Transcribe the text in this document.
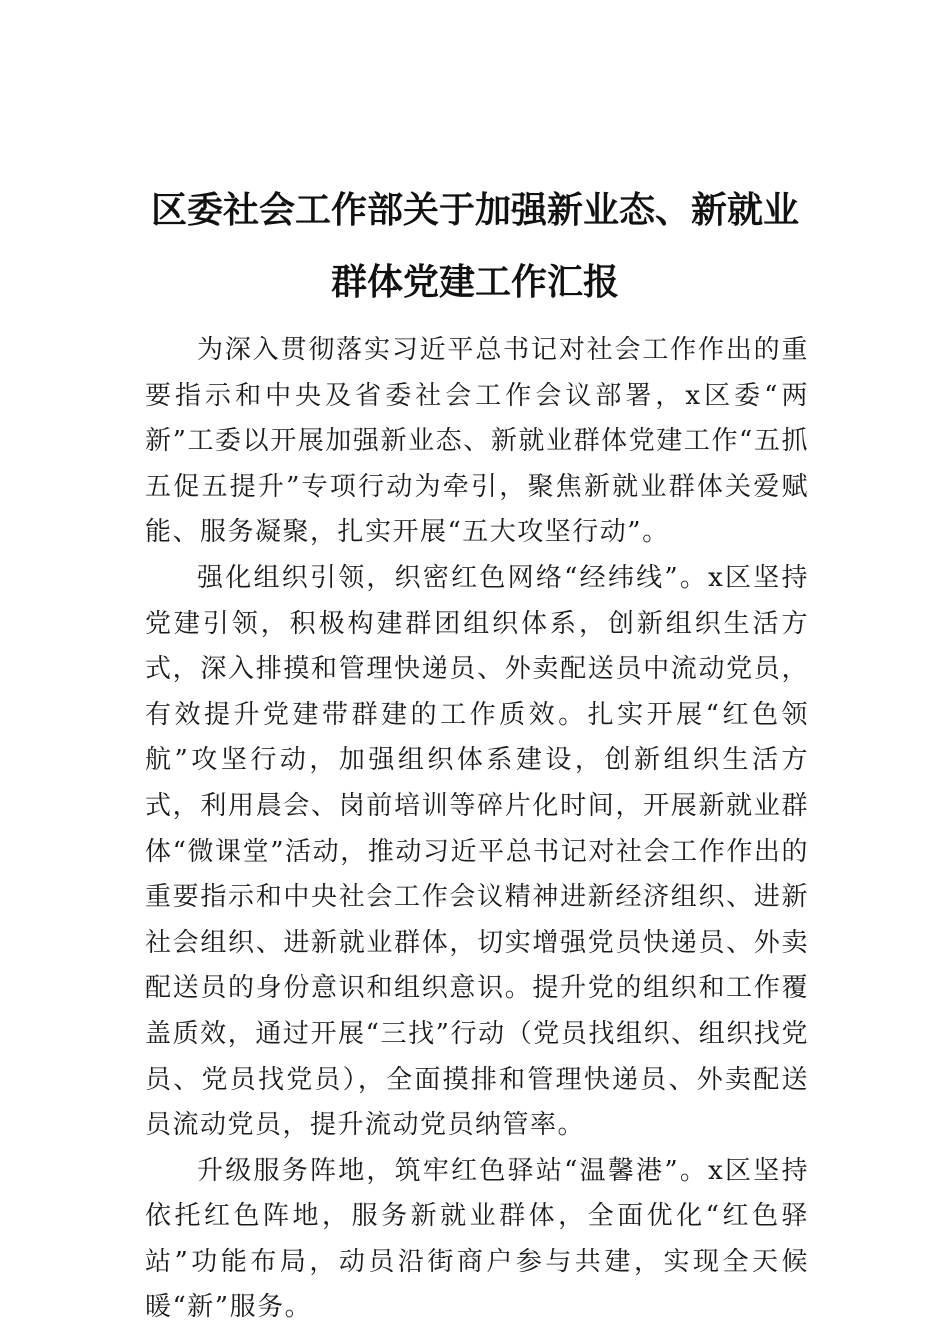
区委社会工作部关于加强新业态、新就业
群体党建工作汇报

为深入贯彻落实习近平总书记对社会工作作出的重要指示和中央及省委社会工作会议部署，x区委“两新”工委以开展加强新业态、新就业群体党建工作“五抓五促五提升”专项行动为牵引，聚焦新就业群体关爱赋能、服务凝聚，扎实开展“五大攻坚行动”。

强化组织引领，织密红色网络“经纬线”。x区坚持党建引领，积极构建群团组织体系，创新组织生活方式，深入排摸和管理快递员、外卖配送员中流动党员，有效提升党建带群建的工作质效。扎实开展“红色领航”攻坚行动，加强组织体系建设，创新组织生活方式，利用晨会、岗前培训等碎片化时间，开展新就业群体“微课堂”活动，推动习近平总书记对社会工作作出的重要指示和中央社会工作会议精神进新经济组织、进新社会组织、进新就业群体，切实增强党员快递员、外卖配送员的身份意识和组织意识。提升党的组织和工作覆盖质效，通过开展“三找”行动（党员找组织、组织找党员、党员找党员），全面摸排和管理快递员、外卖配送员流动党员，提升流动党员纳管率。

升级服务阵地，筑牢红色驿站“温馨港”。x区坚持依托红色阵地，服务新就业群体，全面优化“红色驿站”功能布局，动员沿街商户参与共建，实现全天候暖“新”服务。
